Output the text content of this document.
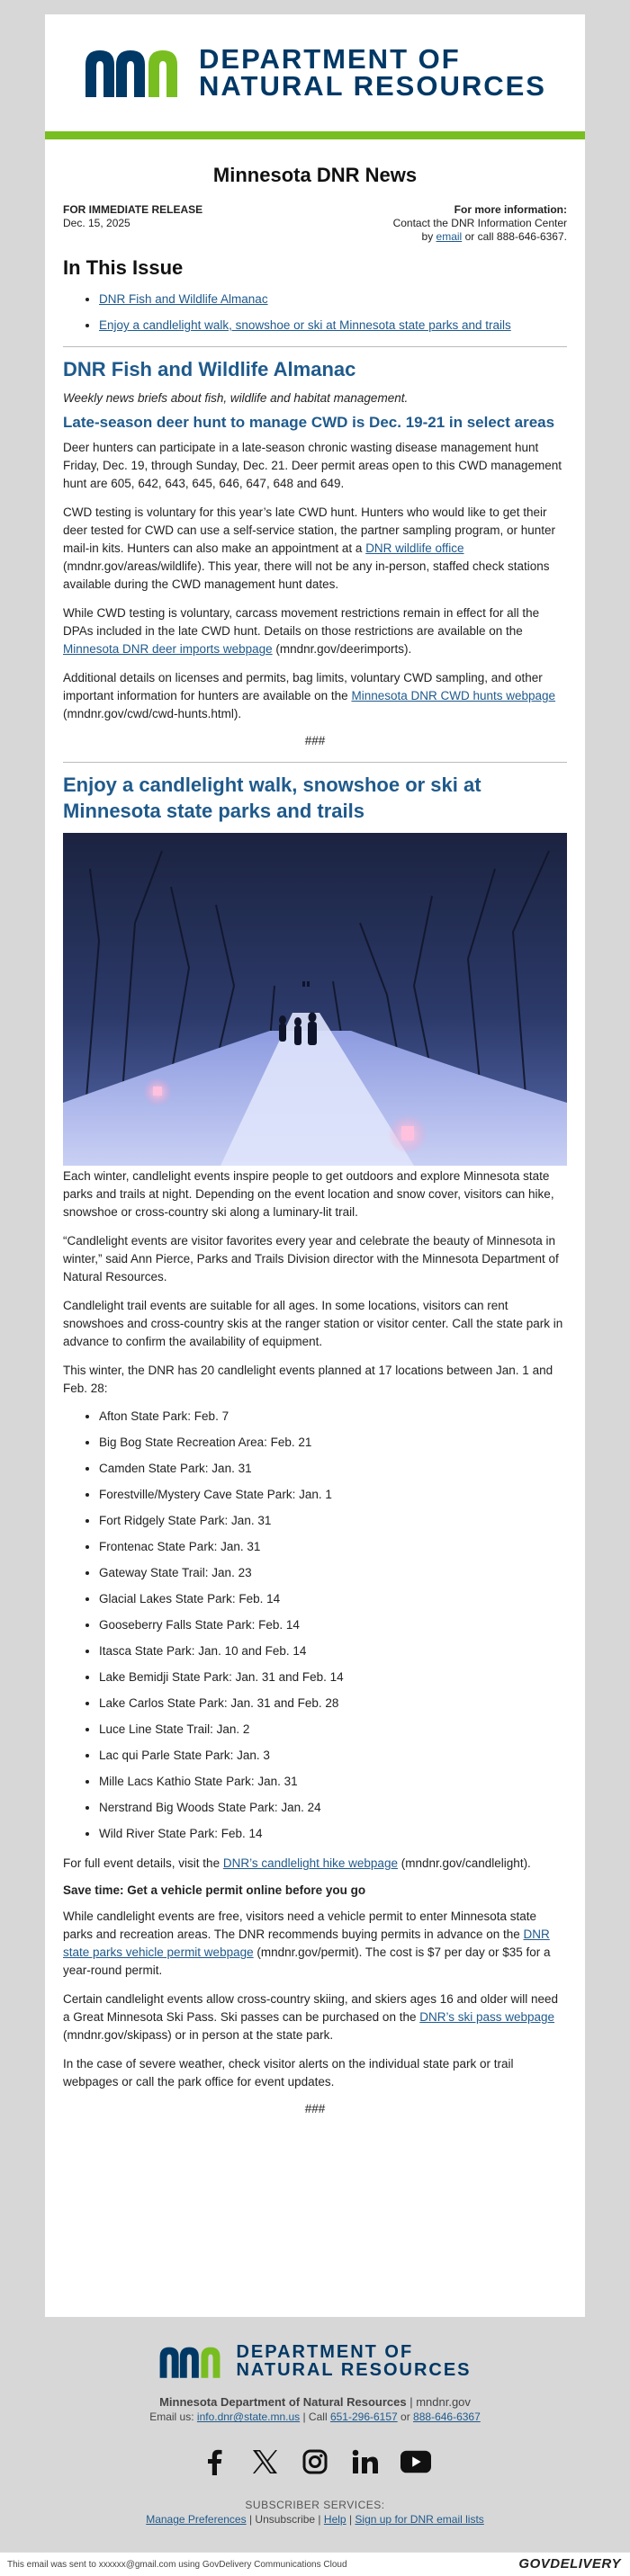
DEPARTMENT OF
NATURAL RESOURCES
Minnesota DNR News
FOR IMMEDIATE RELEASE
Dec. 15, 2025
For more information:
Contact the DNR Information Center
by email or call 888-646-6367.
In This Issue
• DNR Fish and Wildlife Almanac
• Enjoy a candlelight walk, snowshoe or ski at Minnesota state parks and trails
DNR Fish and Wildlife Almanac

Weekly news briefs about fish, wildlife and habitat management.

Late-season deer hunt to manage CWD is Dec. 19-21 in select areas

Deer hunters can participate in a late-season chronic wasting disease management hunt Friday, Dec. 19, through Sunday, Dec. 21. Deer permit areas open to this CWD management hunt are 605, 642, 643, 645, 646, 647, 648 and 649.

CWD testing is voluntary for this year’s late CWD hunt. Hunters who would like to get their deer tested for CWD can use a self-service station, the partner sampling program, or hunter mail-in kits. Hunters can also make an appointment at a DNR wildlife office (mndnr.gov/areas/wildlife). This year, there will not be any in-person, staffed check stations available during the CWD management hunt dates.

While CWD testing is voluntary, carcass movement restrictions remain in effect for all the DPAs included in the late CWD hunt. Details on those restrictions are available on the Minnesota DNR deer imports webpage (mndnr.gov/deerimports).

Additional details on licenses and permits, bag limits, voluntary CWD sampling, and other important information for hunters are available on the Minnesota DNR CWD hunts webpage (mndnr.gov/cwd/cwd-hunts.html).

###
Enjoy a candlelight walk, snowshoe or ski at Minnesota state parks and trails

Each winter, candlelight events inspire people to get outdoors and explore Minnesota state parks and trails at night. Depending on the event location and snow cover, visitors can hike, snowshoe or cross-country ski along a luminary-lit trail.

“Candlelight events are visitor favorites every year and celebrate the beauty of Minnesota in winter,” said Ann Pierce, Parks and Trails Division director with the Minnesota Department of Natural Resources.

Candlelight trail events are suitable for all ages. In some locations, visitors can rent snowshoes and cross-country skis at the ranger station or visitor center. Call the state park in advance to confirm the availability of equipment.

This winter, the DNR has 20 candlelight events planned at 17 locations between Jan. 1 and Feb. 28:

• Afton State Park: Feb. 7
• Big Bog State Recreation Area: Feb. 21
• Camden State Park: Jan. 31
• Forestville/Mystery Cave State Park: Jan. 1
• Fort Ridgely State Park: Jan. 31
• Frontenac State Park: Jan. 31
• Gateway State Trail: Jan. 23
• Glacial Lakes State Park: Feb. 14
• Gooseberry Falls State Park: Feb. 14
• Itasca State Park: Jan. 10 and Feb. 14
• Lake Bemidji State Park: Jan. 31 and Feb. 14
• Lake Carlos State Park: Jan. 31 and Feb. 28
• Luce Line State Trail: Jan. 2
• Lac qui Parle State Park: Jan. 3
• Mille Lacs Kathio State Park: Jan. 31
• Nerstrand Big Woods State Park: Jan. 24
• Wild River State Park: Feb. 14

For full event details, visit the DNR’s candlelight hike webpage (mndnr.gov/candlelight).

Save time: Get a vehicle permit online before you go

While candlelight events are free, visitors need a vehicle permit to enter Minnesota state parks and recreation areas. The DNR recommends buying permits in advance on the DNR state parks vehicle permit webpage (mndnr.gov/permit). The cost is $7 per day or $35 for a year-round permit.

Certain candlelight events allow cross-country skiing, and skiers ages 16 and older will need a Great Minnesota Ski Pass. Ski passes can be purchased on the DNR’s ski pass webpage (mndnr.gov/skipass) or in person at the state park.

In the case of severe weather, check visitor alerts on the individual state park or trail webpages or call the park office for event updates.

###
DEPARTMENT OF
NATURAL RESOURCES
Minnesota Department of Natural Resources | mndnr.gov
Email us: info.dnr@state.mn.us | Call 651-296-6157 or 888-646-6367
SUBSCRIBER SERVICES:
Manage Preferences | Unsubscribe | Help | Sign up for DNR email lists
This email was sent to xxxxxx@gmail.com using GovDelivery Communications Cloud	GOVDELIVERY
